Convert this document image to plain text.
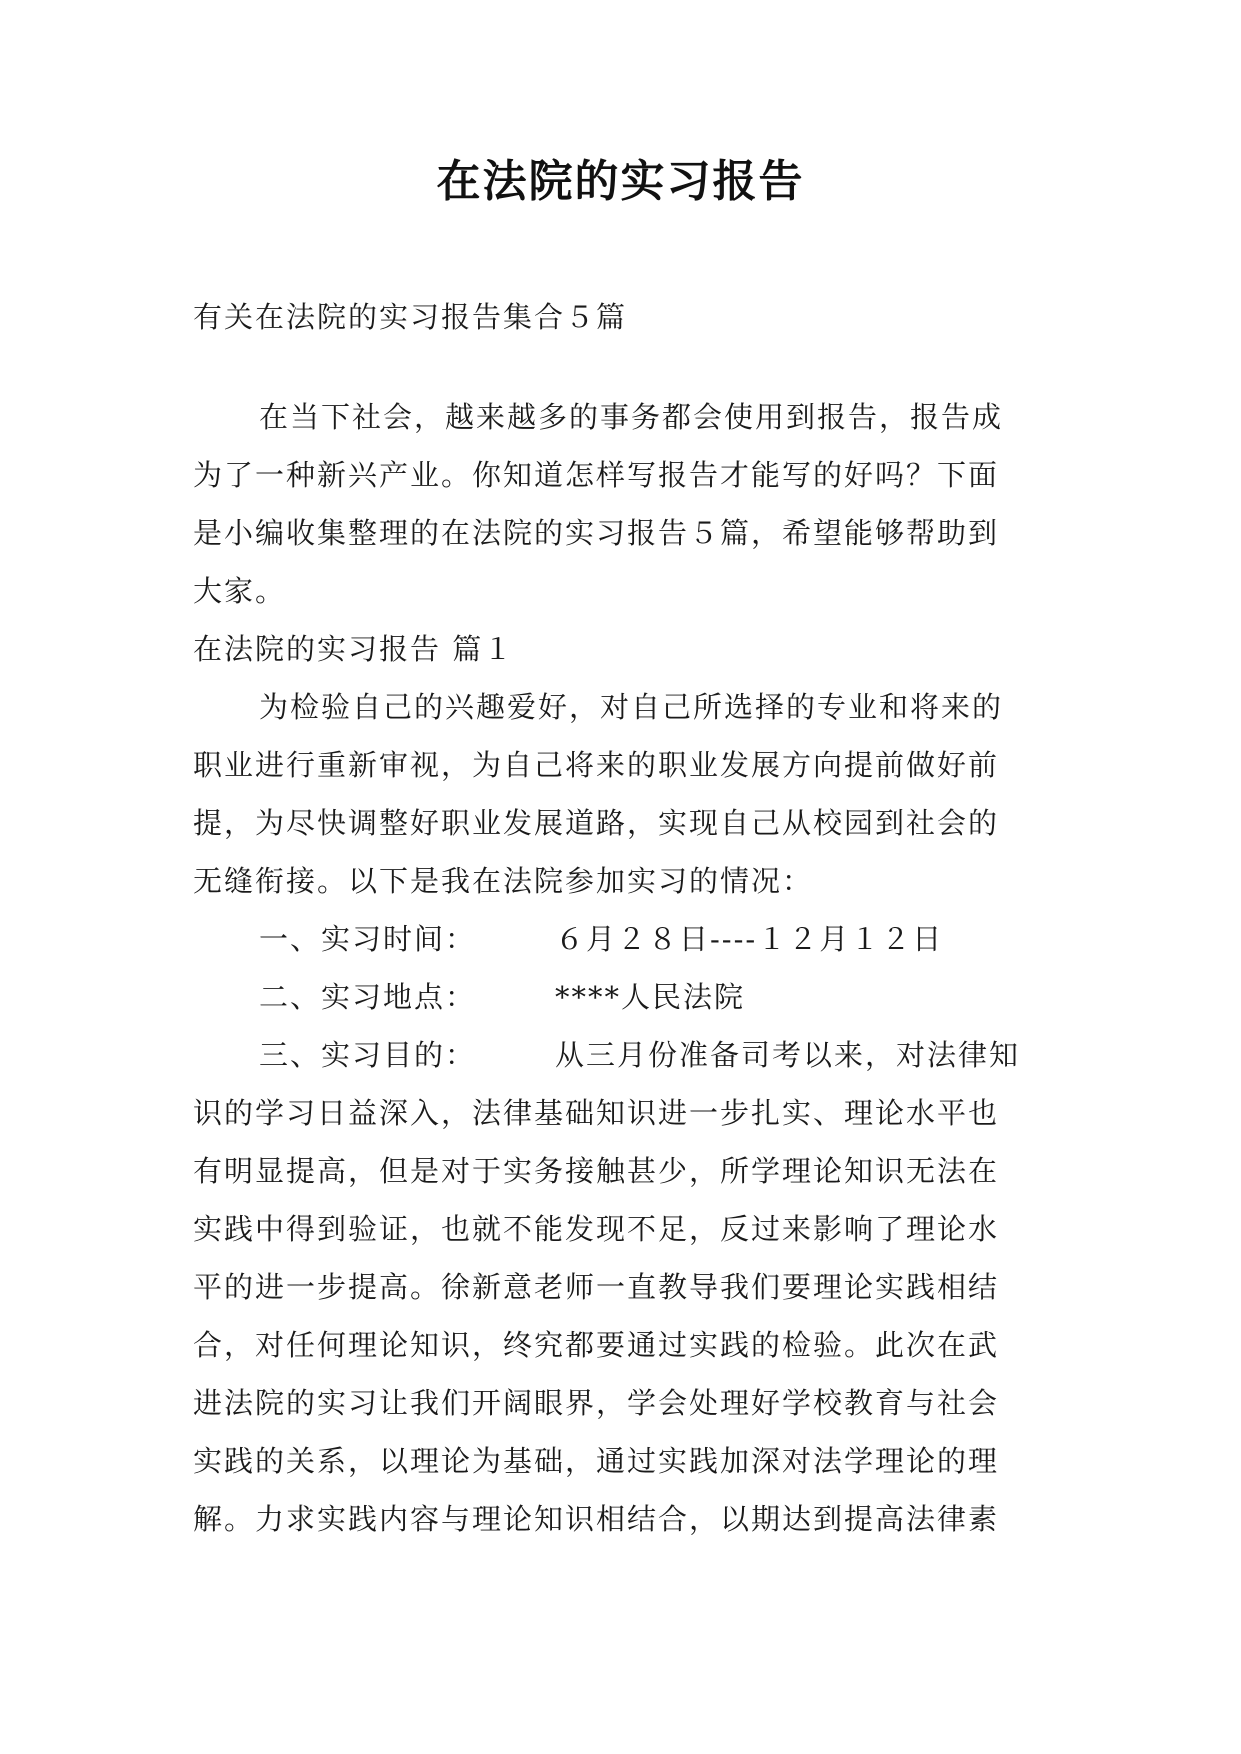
在法院的实习报告

有关在法院的实习报告集合５篇

在当下社会，越来越多的事务都会使用到报告，报告成

为了一种新兴产业。你知道怎样写报告才能写的好吗？下面

是小编收集整理的在法院的实习报告５篇，希望能够帮助到

大家。

在法院的实习报告 篇１

为检验自己的兴趣爱好，对自己所选择的专业和将来的

职业进行重新审视，为自己将来的职业发展方向提前做好前

提，为尽快调整好职业发展道路，实现自己从校园到社会的

无缝衔接。以下是我在法院参加实习的情况：

一、实习时间：	６月２８日----１２月１２日

二、实习地点：	****人民法院

三、实习目的：	从三月份准备司考以来，对法律知

识的学习日益深入，法律基础知识进一步扎实、理论水平也

有明显提高，但是对于实务接触甚少，所学理论知识无法在

实践中得到验证，也就不能发现不足，反过来影响了理论水

平的进一步提高。徐新意老师一直教导我们要理论实践相结

合，对任何理论知识，终究都要通过实践的检验。此次在武

进法院的实习让我们开阔眼界，学会处理好学校教育与社会

实践的关系，以理论为基础，通过实践加深对法学理论的理

解。力求实践内容与理论知识相结合，以期达到提高法律素
